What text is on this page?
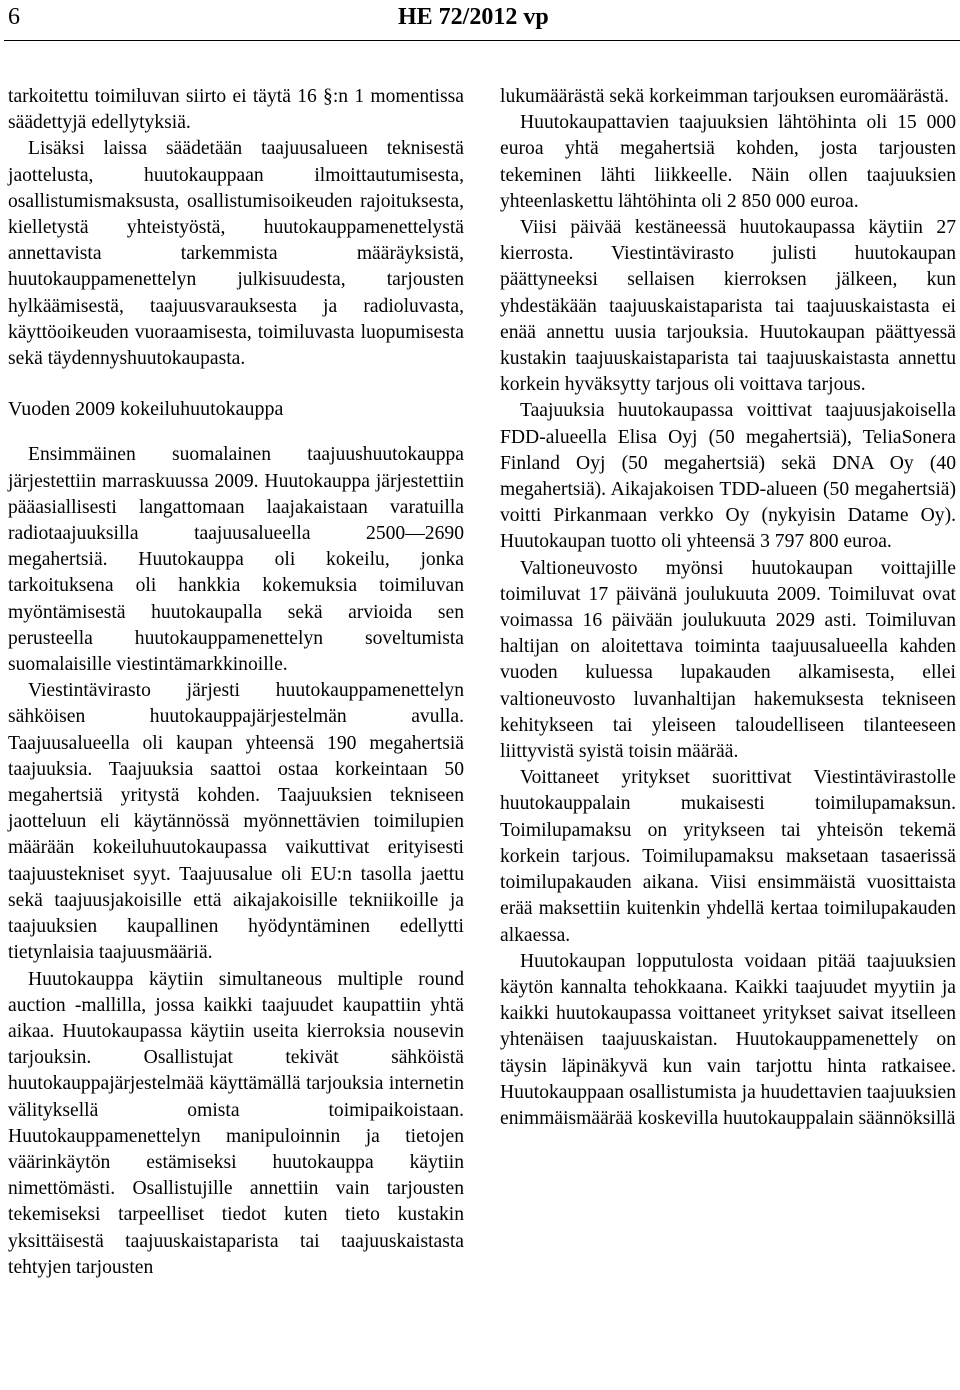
6	HE 72/2012 vp

tarkoitettu toimiluvan siirto ei täytä 16 §:n 1 momentissa säädettyjä edellytyksiä.

Lisäksi laissa säädetään taajuusalueen teknisestä jaottelusta, huutokauppaan ilmoittautumisesta, osallistumismaksusta, osallistumisoikeuden rajoituksesta, kielletystä yhteistyöstä, huutokauppamenettelystä annettavista tarkemmista määräyksistä, huutokauppamenettelyn julkisuudesta, tarjousten hylkäämisestä, taajuusvarauksesta ja radioluvasta, käyttöoikeuden vuoraamisesta, toimiluvasta luopumisesta sekä täydennyshuutokaupasta.

Vuoden 2009 kokeiluhuutokauppa

Ensimmäinen suomalainen taajuushuutokauppa järjestettiin marraskuussa 2009. Huutokauppa järjestettiin pääasiallisesti langattomaan laajakaistaan varatuilla radiotaajuuksilla taajuusalueella 2500—2690 megahertsiä. Huutokauppa oli kokeilu, jonka tarkoituksena oli hankkia kokemuksia toimiluvan myöntämisestä huutokaupalla sekä arvioida sen perusteella huutokauppamenettelyn soveltumista suomalaisille viestintämarkkinoille.

Viestintävirasto järjesti huutokauppamenettelyn sähköisen huutokauppajärjestelmän avulla. Taajuusalueella oli kaupan yhteensä 190 megahertsiä taajuuksia. Taajuuksia saattoi ostaa korkeintaan 50 megahertsiä yritystä kohden. Taajuuksien tekniseen jaotteluun eli käytännössä myönnettävien toimilupien määrään kokeiluhuutokaupassa vaikuttivat erityisesti taajuustekniset syyt. Taajuusalue oli EU:n tasolla jaettu sekä taajuusjakoisille että aikajakoisille tekniikoille ja taajuuksien kaupallinen hyödyntäminen edellytti tietynlaisia taajuusmääriä.

Huutokauppa käytiin simultaneous multiple round auction -mallilla, jossa kaikki taajuudet kaupattiin yhtä aikaa. Huutokaupassa käytiin useita kierroksia nousevin tarjouksin. Osallistujat tekivät sähköistä huutokauppajärjestelmää käyttämällä tarjouksia internetin välityksellä omista toimipaikoistaan. Huutokauppamenettelyn manipuloinnin ja tietojen väärinkäytön estämiseksi huutokauppa käytiin nimettömästi. Osallistujille annettiin vain tarjousten tekemiseksi tarpeelliset tiedot kuten tieto kustakin yksittäisestä taajuuskaistaparista tai taajuuskaistasta tehtyjen tarjousten

lukumäärästä sekä korkeimman tarjouksen euromäärästä.

Huutokaupattavien taajuuksien lähtöhinta oli 15 000 euroa yhtä megahertsiä kohden, josta tarjousten tekeminen lähti liikkeelle. Näin ollen taajuuksien yhteenlaskettu lähtöhinta oli 2 850 000 euroa.

Viisi päivää kestäneessä huutokaupassa käytiin 27 kierrosta. Viestintävirasto julisti huutokaupan päättyneeksi sellaisen kierroksen jälkeen, kun yhdestäkään taajuuskaistaparista tai taajuuskaistasta ei enää annettu uusia tarjouksia. Huutokaupan päättyessä kustakin taajuuskaistaparista tai taajuuskaistasta annettu korkein hyväksytty tarjous oli voittava tarjous.

Taajuuksia huutokaupassa voittivat taajuusjakoisella FDD-alueella Elisa Oyj (50 megahertsiä), TeliaSonera Finland Oyj (50 megahertsiä) sekä DNA Oy (40 megahertsiä). Aikajakoisen TDD-alueen (50 megahertsiä) voitti Pirkanmaan verkko Oy (nykyisin Datame Oy). Huutokaupan tuotto oli yhteensä 3 797 800 euroa.

Valtioneuvosto myönsi huutokaupan voittajille toimiluvat 17 päivänä joulukuuta 2009. Toimiluvat ovat voimassa 16 päivään joulukuuta 2029 asti. Toimiluvan haltijan on aloitettava toiminta taajuusalueella kahden vuoden kuluessa lupakauden alkamisesta, ellei valtioneuvosto luvanhaltijan hakemuksesta tekniseen kehitykseen tai yleiseen taloudelliseen tilanteeseen liittyvistä syistä toisin määrää.

Voittaneet yritykset suorittivat Viestintävirastolle huutokauppalain mukaisesti toimilupamaksun. Toimilupamaksu on yritykseen tai yhteisön tekemä korkein tarjous. Toimilupamaksu maksetaan tasaerissä toimilupakauden aikana. Viisi ensimmäistä vuosittaista erää maksettiin kuitenkin yhdellä kertaa toimilupakauden alkaessa.

Huutokaupan lopputulosta voidaan pitää taajuuksien käytön kannalta tehokkaana. Kaikki taajuudet myytiin ja kaikki huutokaupassa voittaneet yritykset saivat itselleen yhtenäisen taajuuskaistan. Huutokauppamenettely on täysin läpinäkyvä kun vain tarjottu hinta ratkaisee. Huutokauppaan osallistumista ja huudettavien taajuuksien enimmäismäärää koskevilla huutokauppalain säännöksillä
